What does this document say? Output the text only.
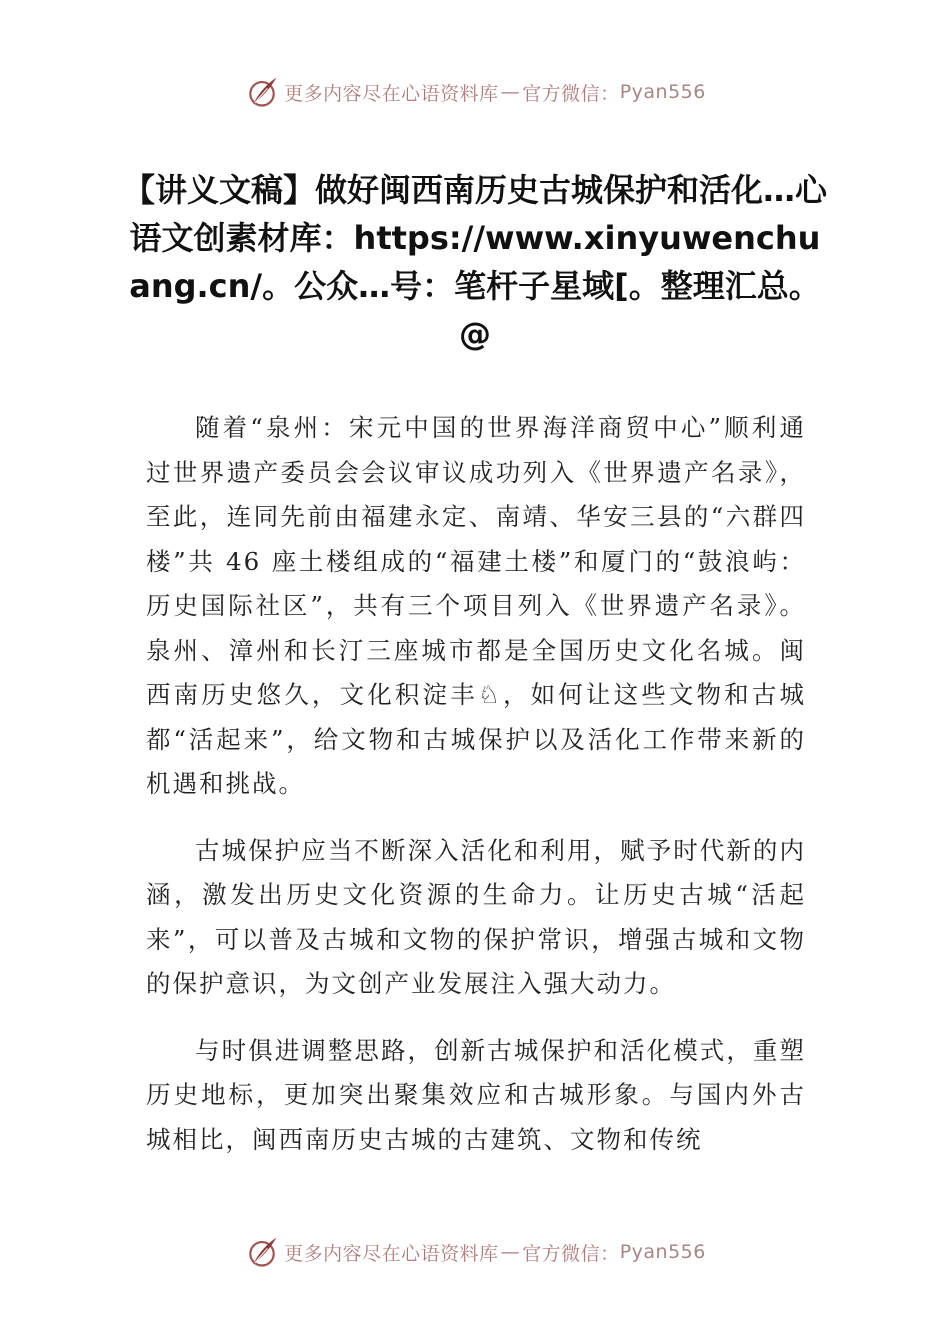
更多内容尽在心语资料库 — 官方微信： Pyan556
【讲义文稿】做好闽西南历史古城保护和活化…心语文创素材库：https://www.xinyuwenchuang.cn/。公众…号：笔杆子星域[。整理汇总。@

随着“泉州：宋元中国的世界海洋商贸中心”顺利通过世界遗产委员会会议审议成功列入《世界遗产名录》，至此，连同先前由福建永定、南靖、华安三县的“六群四楼”共 46 座土楼组成的“福建土楼”和厦门的“鼓浪屿：历史国际社区”，共有三个项目列入《世界遗产名录》。泉州、漳州和长汀三座城市都是全国历史文化名城。闽西南历史悠久，文化积淀丰♘，如何让这些文物和古城都“活起来”，给文物和古城保护以及活化工作带来新的机遇和挑战。

古城保护应当不断深入活化和利用，赋予时代新的内涵，激发出历史文化资源的生命力。让历史古城“活起来”，可以普及古城和文物的保护常识，增强古城和文物的保护意识，为文创产业发展注入强大动力。

与时俱进调整思路，创新古城保护和活化模式，重塑历史地标，更加突出聚集效应和古城形象。与国内外古城相比，闽西南历史古城的古建筑、文物和传统

更多内容尽在心语资料库 — 官方微信： Pyan556
